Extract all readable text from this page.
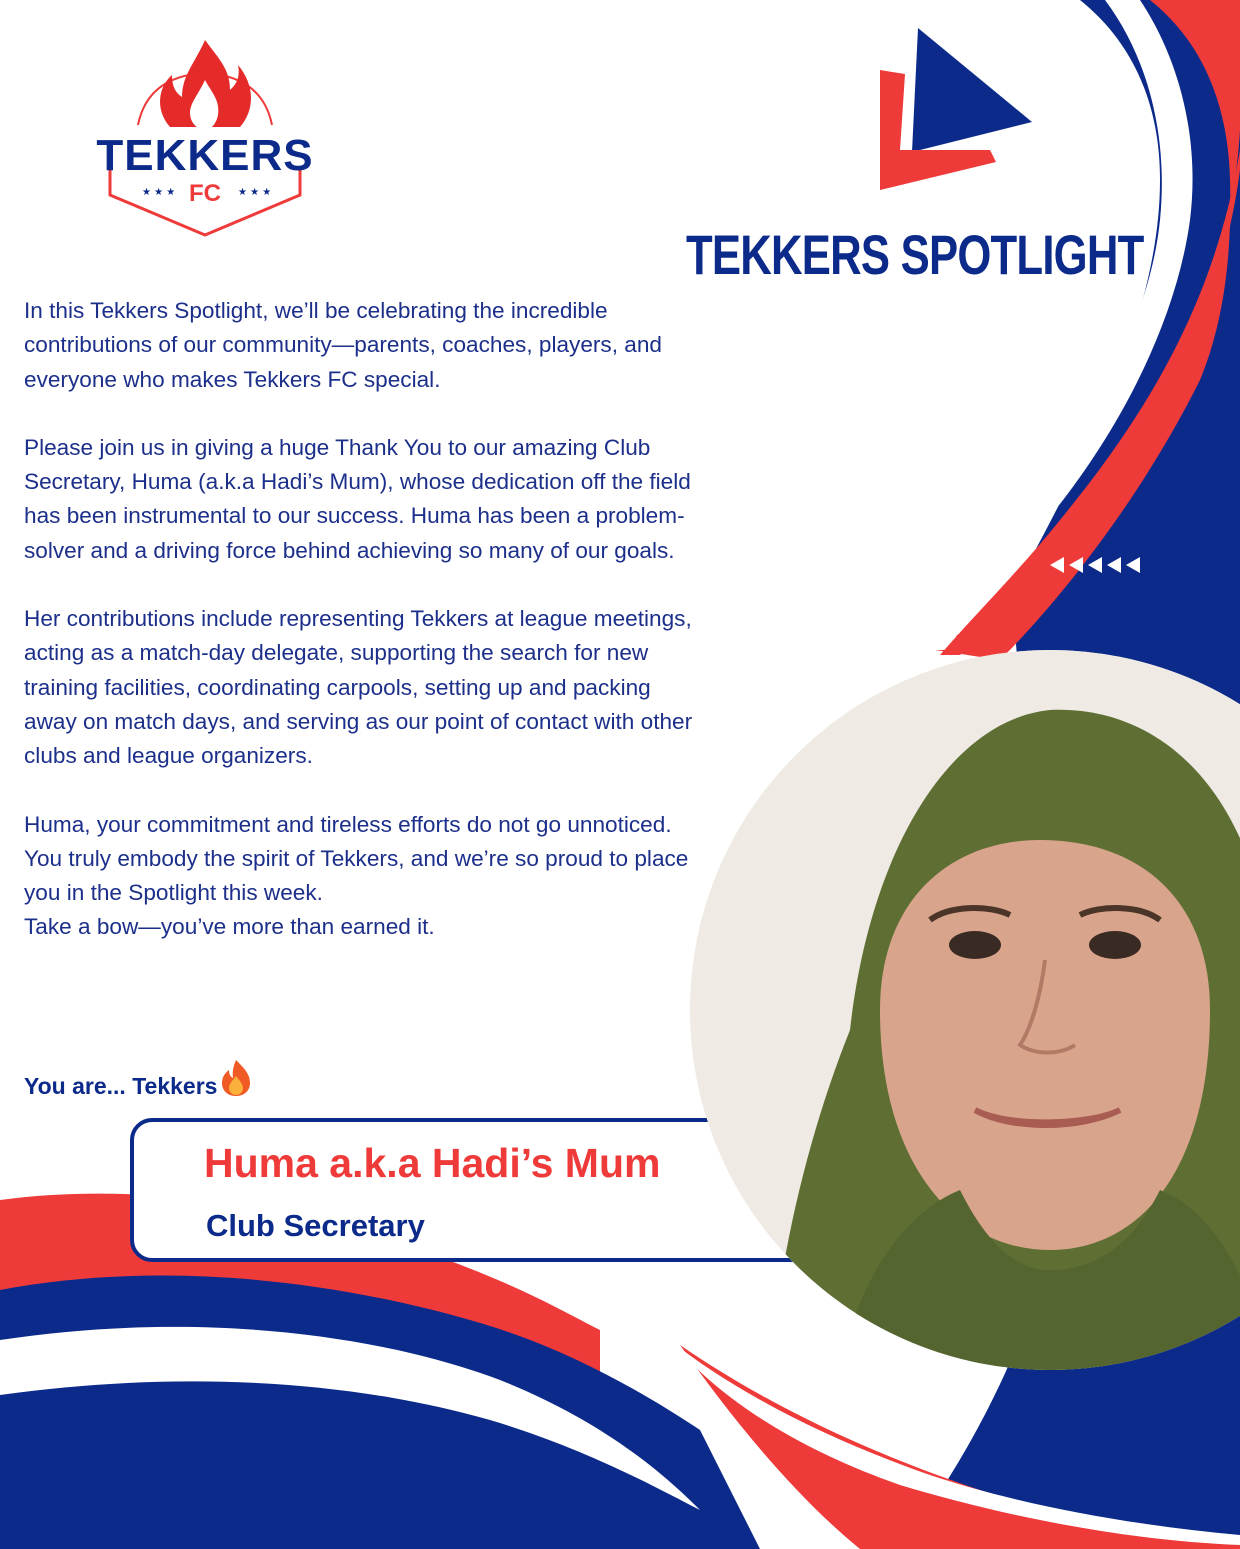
TEKKERS
★ ★ ★	★ ★ ★
FC
TEKKERS SPOTLIGHT

In this Tekkers Spotlight, we’ll be celebrating the incredible contributions of our community—parents, coaches, players, and everyone who makes Tekkers FC special.

Please join us in giving a huge Thank You to our amazing Club Secretary, Huma (a.k.a Hadi’s Mum), whose dedication off the field has been instrumental to our success. Huma has been a problem-solver and a driving force behind achieving so many of our goals.

Her contributions include representing Tekkers at league meetings, acting as a match-day delegate, supporting the search for new training facilities, coordinating carpools, setting up and packing away on match days, and serving as our point of contact with other clubs and league organizers.

Huma, your commitment and tireless efforts do not go unnoticed. You truly embody the spirit of Tekkers, and we’re so proud to place you in the Spotlight this week.
Take a bow—you’ve more than earned it.

You are... Tekkers
Huma a.k.a Hadi’s Mum
Club Secretary
